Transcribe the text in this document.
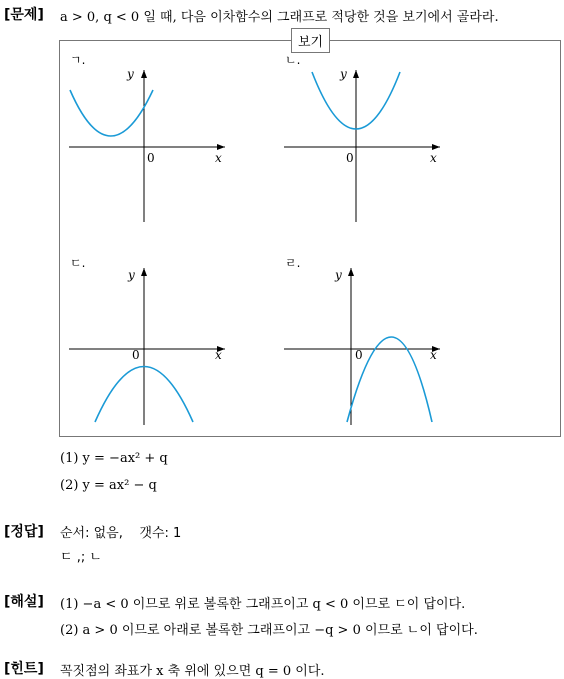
[문제] a > 0, q < 0 일 때, 다음 이차함수의 그래프로 적당한 것을 보기에서 골라라.
보기
ㄱ.
y
x
0
ㄴ.
y
x
0
ㄷ.
y
x
0
ㄹ.
y
x
0
(1) y = −ax² + q
(2) y = ax² − q
[정답] 순서: 없음,    갯수: 1
ㄷ ,; ㄴ
[해설] (1) −a < 0 이므로 위로 볼록한 그래프이고 q < 0 이므로 ㄷ이 답이다.
(2) a > 0 이므로 아래로 볼록한 그래프이고 −q > 0 이므로 ㄴ이 답이다.
[힌트] 꼭짓점의 좌표가 x 축 위에 있으면 q = 0 이다.
